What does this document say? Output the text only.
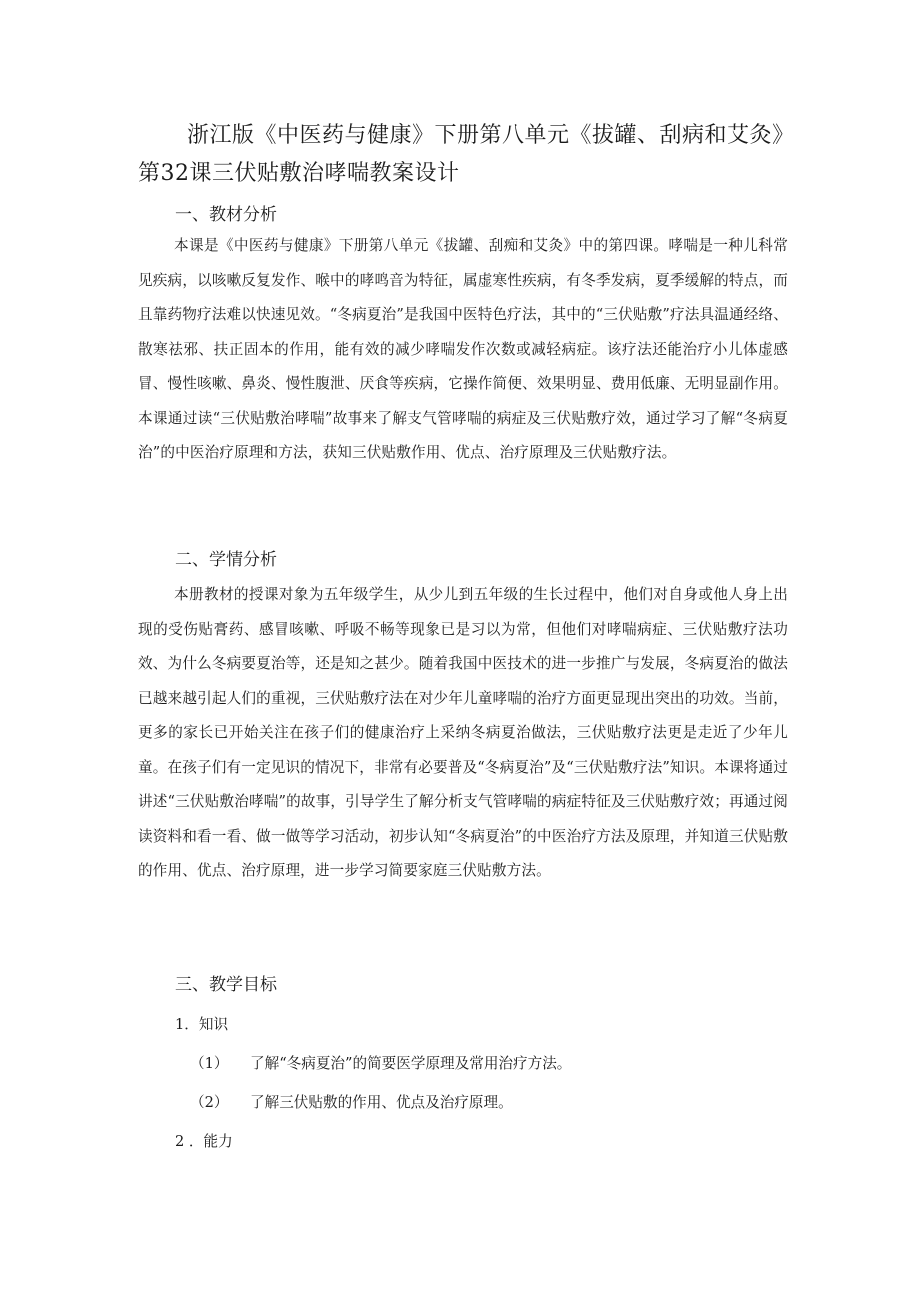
浙江版《中医药与健康》下册第八单元《拔罐、刮病和艾灸》
第32课三伏贴敷治哮喘教案设计
一、教材分析
本课是《中医药与健康》下册第八单元《拔罐、刮痴和艾灸》中的第四课。哮喘是一种儿科常见疾病，以咳嗽反复发作、喉中的哮鸣音为特征，属虚寒性疾病，有冬季发病，夏季缓解的特点，而且靠药物疗法难以快速见效。“冬病夏治”是我国中医特色疗法，其中的“三伏贴敷”疗法具温通经络、散寒祛邪、扶正固本的作用，能有效的减少哮喘发作次数或减轻病症。该疗法还能治疗小儿体虚感冒、慢性咳嗽、鼻炎、慢性腹泄、厌食等疾病，它操作简便、效果明显、费用低廉、无明显副作用。本课通过读“三伏贴敷治哮喘”故事来了解支气管哮喘的病症及三伏贴敷疗效，通过学习了解“冬病夏治”的中医治疗原理和方法，获知三伏贴敷作用、优点、治疗原理及三伏贴敷疗法。
二、学情分析
本册教材的授课对象为五年级学生，从少儿到五年级的生长过程中，他们对自身或他人身上出现的受伤贴膏药、感冒咳嗽、呼吸不畅等现象已是习以为常，但他们对哮喘病症、三伏贴敷疗法功效、为什么冬病要夏治等，还是知之甚少。随着我国中医技术的进一步推广与发展，冬病夏治的做法已越来越引起人们的重视，三伏贴敷疗法在对少年儿童哮喘的治疗方面更显现出突出的功效。当前，更多的家长已开始关注在孩子们的健康治疗上采纳冬病夏治做法，三伏贴敷疗法更是走近了少年儿童。在孩子们有一定见识的情况下，非常有必要普及“冬病夏治”及“三伏贴敷疗法”知识。本课将通过讲述“三伏贴敷治哮喘”的故事，引导学生了解分析支气管哮喘的病症特征及三伏贴敷疗效；再通过阅读资料和看一看、做一做等学习活动，初步认知“冬病夏治”的中医治疗方法及原理，并知道三伏贴敷的作用、优点、治疗原理，进一步学习简要家庭三伏贴敷方法。
三、教学目标
1．知识
（1） 了解“冬病夏治”的简要医学原理及常用治疗方法。
（2） 了解三伏贴敷的作用、优点及治疗原理。
2 ．能力
